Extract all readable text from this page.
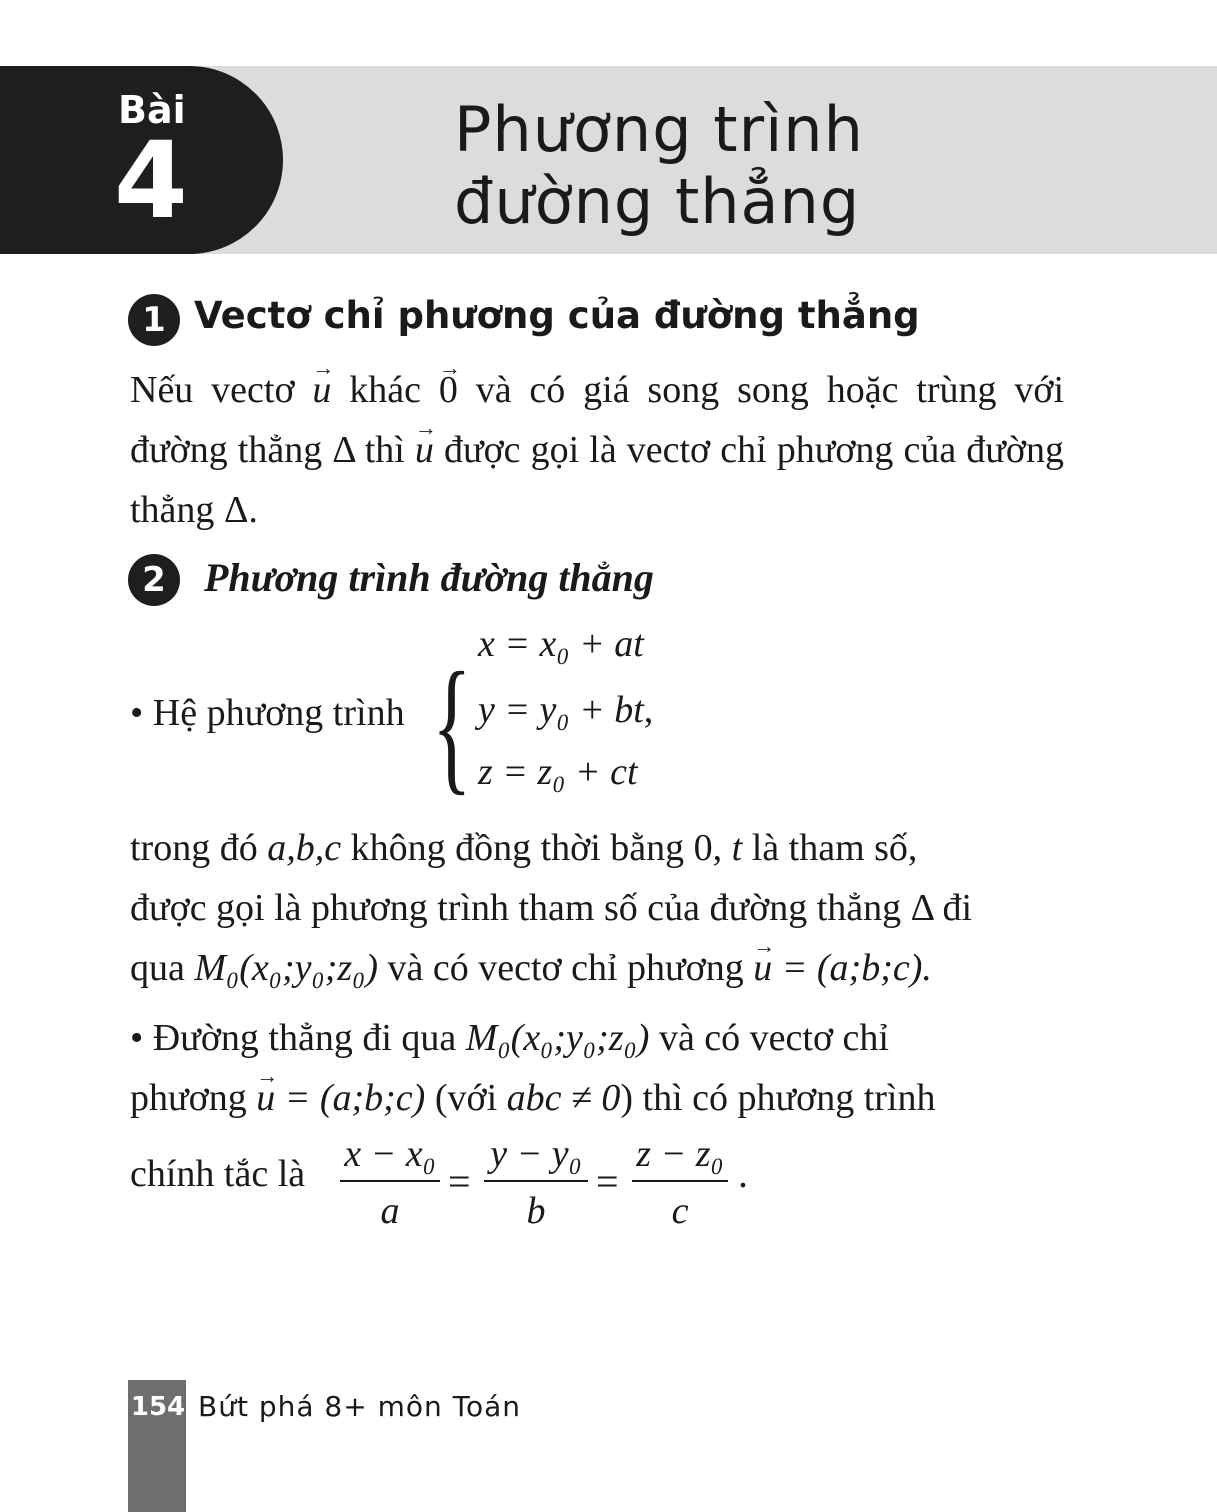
Bài
4	Phương trình
đường thẳng
1 Vectơ chỉ phương của đường thẳng
Nếu vectơ → u khác → 0 và có giá song song hoặc trùng với đường thẳng Δ thì → u được gọi là vectơ chỉ phương của đường thẳng Δ.
2 Phương trình đường thẳng
• Hệ phương trình { x = x₀ + at
y = y₀ + bt,
z = z₀ + ct
trong đó a,b,c không đồng thời bằng 0, t là tham số,
được gọi là phương trình tham số của đường thẳng Δ đi
qua M₀(x₀;y₀;z₀) và có vectơ chỉ phương → u = (a;b;c).
• Đường thẳng đi qua M₀(x₀;y₀;z₀) và có vectơ chỉ
phương → u = (a;b;c) (với abc ≠ 0) thì có phương trình
chính tắc là $\frac{\text{x − x₀}}{a} = \frac{\text{y − y₀}}{b} = \frac{\text{z − z₀}}{c}$ .
154 Bứt phá 8+ môn Toán
